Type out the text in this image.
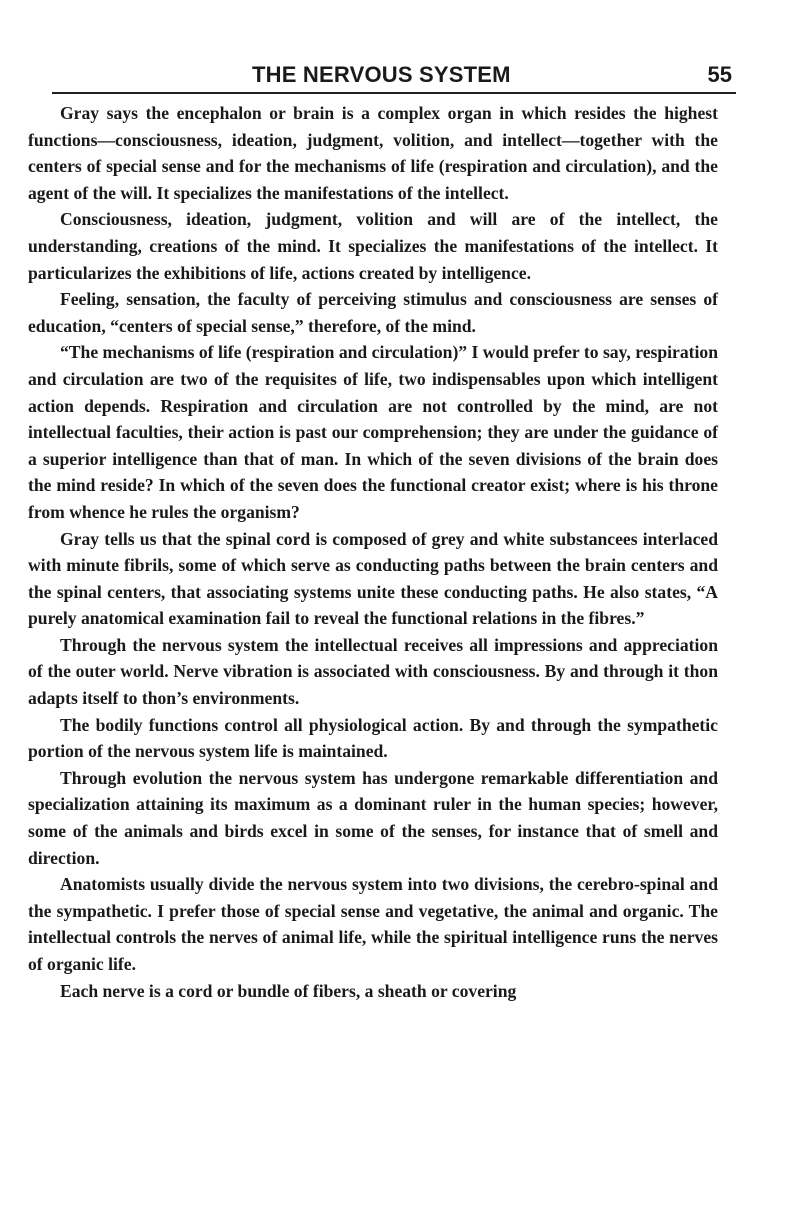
THE NERVOUS SYSTEM	55

Gray says the encephalon or brain is a complex organ in which resides the highest functions—consciousness, ideation, judgment, volition, and intellect—together with the centers of special sense and for the mechanisms of life (respiration and circulation), and the agent of the will. It specializes the manifestations of the intellect.

Consciousness, ideation, judgment, volition and will are of the intellect, the understanding, creations of the mind. It specializes the manifestations of the intellect. It particularizes the exhibitions of life, actions created by intelligence.

Feeling, sensation, the faculty of perceiving stimulus and consciousness are senses of education, “centers of special sense,” therefore, of the mind.

“The mechanisms of life (respiration and circulation)” I would prefer to say, respiration and circulation are two of the requisites of life, two indispensables upon which intelligent action depends. Respiration and circulation are not controlled by the mind, are not intellectual faculties, their action is past our comprehension; they are under the guidance of a superior intelligence than that of man. In which of the seven divisions of the brain does the mind reside? In which of the seven does the functional creator exist; where is his throne from whence he rules the organism?

Gray tells us that the spinal cord is composed of grey and white substancees interlaced with minute fibrils, some of which serve as conducting paths between the brain centers and the spinal centers, that associating systems unite these conducting paths. He also states, “A purely anatomical examination fail to reveal the functional relations in the fibres.”

Through the nervous system the intellectual receives all impressions and appreciation of the outer world. Nerve vibration is associated with consciousness. By and through it thon adapts itself to thon’s environments.

The bodily functions control all physiological action. By and through the sympathetic portion of the nervous system life is maintained.

Through evolution the nervous system has undergone remarkable differentiation and specialization attaining its maximum as a dominant ruler in the human species; however, some of the animals and birds excel in some of the senses, for instance that of smell and direction.

Anatomists usually divide the nervous system into two divisions, the cerebro-spinal and the sympathetic. I prefer those of special sense and vegetative, the animal and organic. The intellectual controls the nerves of animal life, while the spiritual intelligence runs the nerves of organic life.

Each nerve is a cord or bundle of fibers, a sheath or covering
